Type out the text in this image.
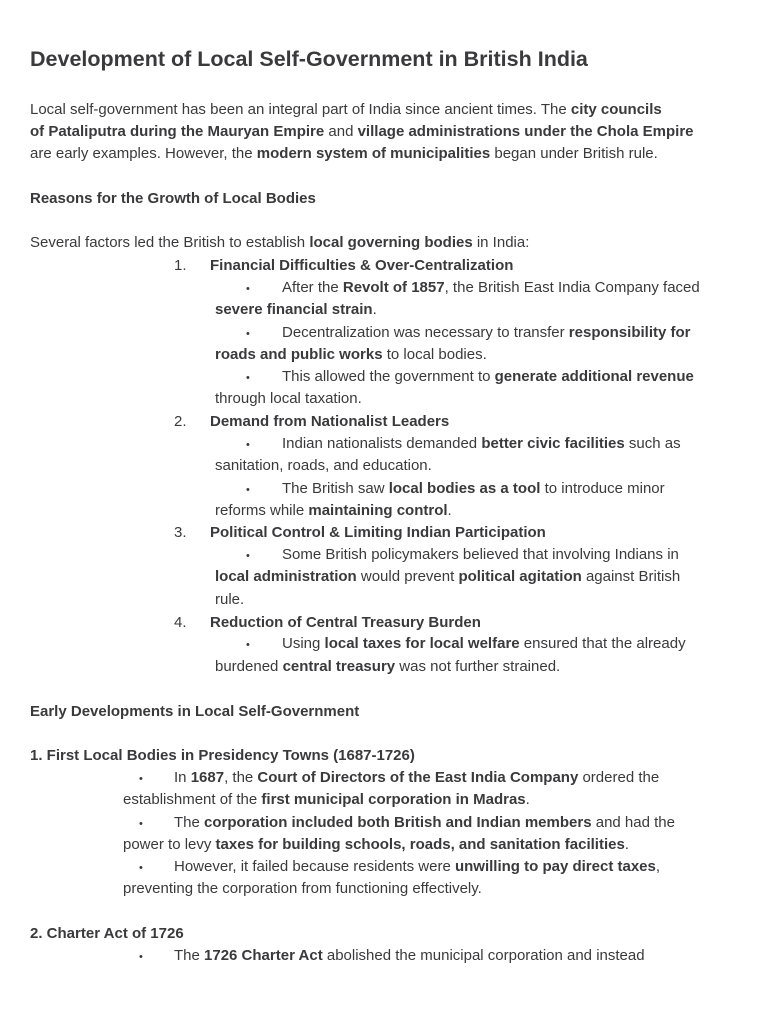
Development of Local Self-Government in British India
Local self-government has been an integral part of India since ancient times. The city councils
of Pataliputra during the Mauryan Empire and village administrations under the Chola Empire
are early examples. However, the modern system of municipalities began under British rule.
Reasons for the Growth of Local Bodies
Several factors led the British to establish local governing bodies in India:
1. Financial Difficulties & Over-Centralization
• After the Revolt of 1857, the British East India Company faced
severe financial strain.
• Decentralization was necessary to transfer responsibility for
roads and public works to local bodies.
• This allowed the government to generate additional revenue
through local taxation.
2. Demand from Nationalist Leaders
• Indian nationalists demanded better civic facilities such as
sanitation, roads, and education.
• The British saw local bodies as a tool to introduce minor
reforms while maintaining control.
3. Political Control & Limiting Indian Participation
• Some British policymakers believed that involving Indians in
local administration would prevent political agitation against British
rule.
4. Reduction of Central Treasury Burden
• Using local taxes for local welfare ensured that the already
burdened central treasury was not further strained.
Early Developments in Local Self-Government
1. First Local Bodies in Presidency Towns (1687-1726)
• In 1687, the Court of Directors of the East India Company ordered the
establishment of the first municipal corporation in Madras.
• The corporation included both British and Indian members and had the
power to levy taxes for building schools, roads, and sanitation facilities.
• However, it failed because residents were unwilling to pay direct taxes,
preventing the corporation from functioning effectively.
2. Charter Act of 1726
• The 1726 Charter Act abolished the municipal corporation and instead
